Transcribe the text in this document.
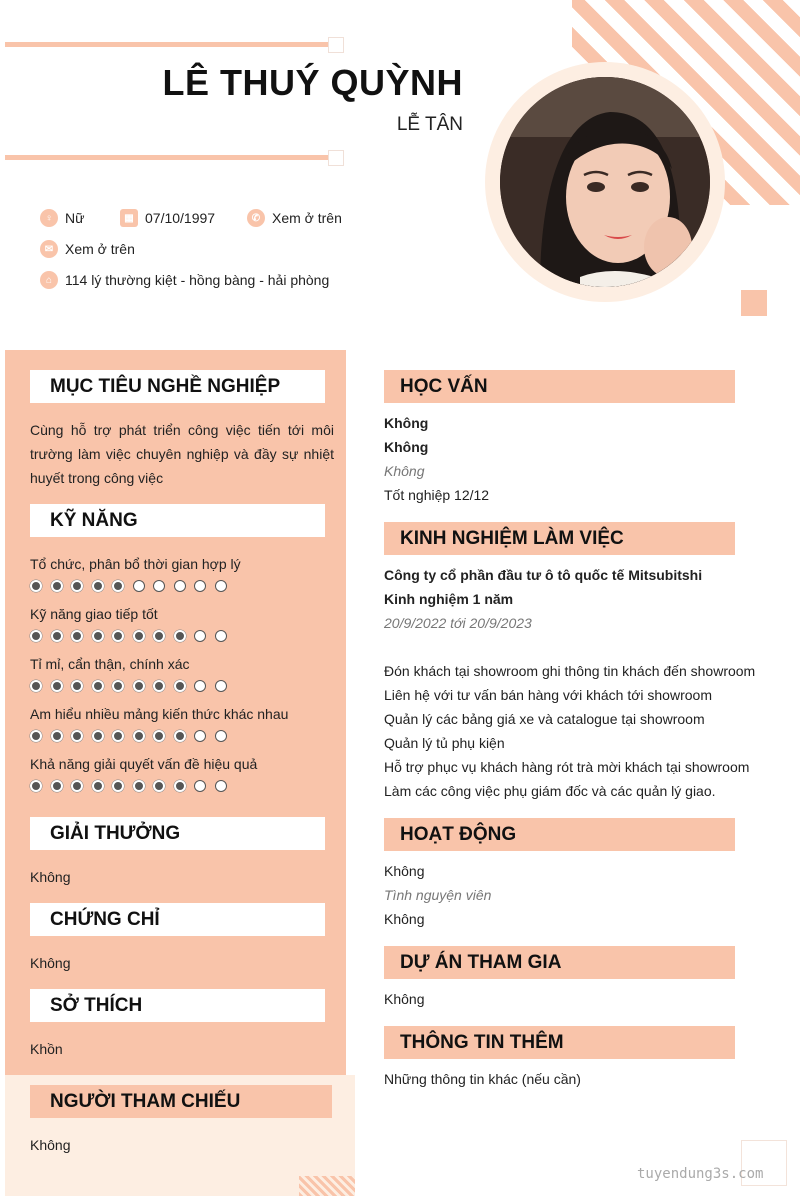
LÊ THUÝ QUỲNH
LỄ TÂN
♀ Nữ	▦ 07/10/1997	✆ Xem ở trên
✉ Xem ở trên
⌂ 114 lý thường kiệt - hồng bàng - hải phòng
MỤC TIÊU NGHỀ NGHIỆP
Cùng hỗ trợ phát triển công việc tiến tới môi trường làm việc chuyên nghiệp và đầy sự nhiệt huyết trong công việc
KỸ NĂNG
Tổ chức, phân bổ thời gian hợp lý
Kỹ năng giao tiếp tốt
Tỉ mỉ, cẩn thận, chính xác
Am hiểu nhiều mảng kiến thức khác nhau
Khả năng giải quyết vấn đề hiệu quả
GIẢI THƯỞNG
Không
CHỨNG CHỈ
Không
SỞ THÍCH
Khồn
NGƯỜI THAM CHIẾU
Không
HỌC VẤN
Không
Không
Không
Tốt nghiệp 12/12
KINH NGHIỆM LÀM VIỆC
Công ty cổ phần đầu tư ô tô quốc tế Mitsubitshi
Kinh nghiệm 1 năm
20/9/2022 tới 20/9/2023
Đón khách tại showroom ghi thông tin khách đến showroom
Liên hệ với tư vấn bán hàng với khách tới showroom
Quản lý các bảng giá xe và catalogue tại showroom
Quản lý tủ phụ kiện
Hỗ trợ phục vụ khách hàng rót trà mời khách tại showroom
Làm các công việc phụ giám đốc và các quản lý giao.
HOẠT ĐỘNG
Không
Tình nguyện viên
Không
DỰ ÁN THAM GIA
Không
THÔNG TIN THÊM
Những thông tin khác (nếu cần)
tuyendung3s.com
